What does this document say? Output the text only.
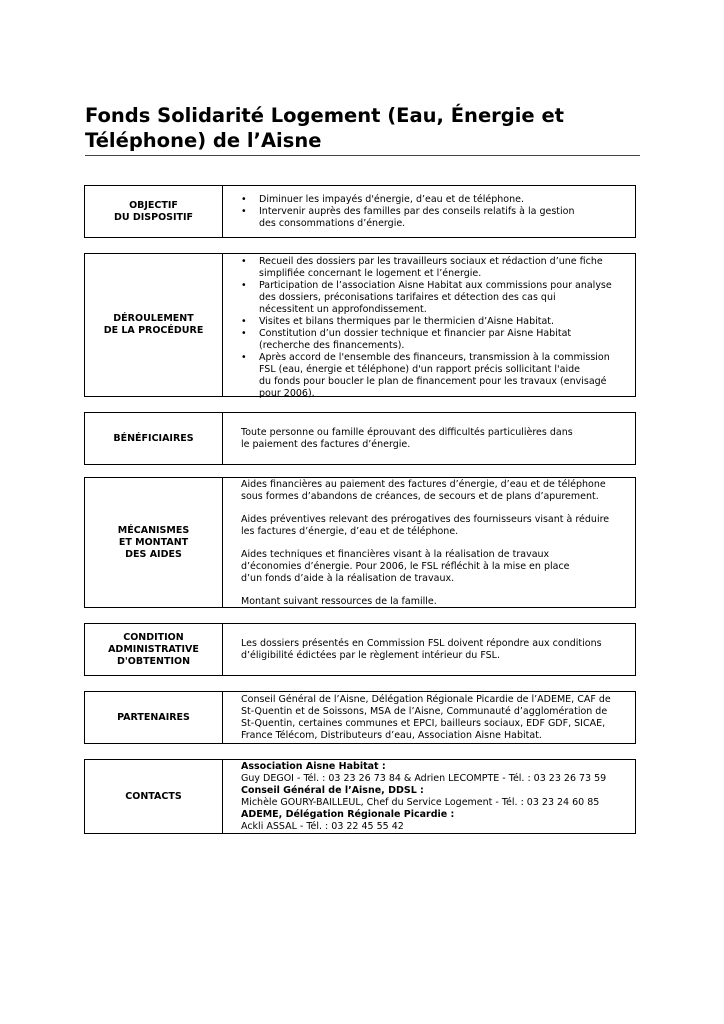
Fonds Solidarité Logement (Eau, Énergie et
Téléphone) de l’Aisne
OBJECTIF
DU DISPOSITIF
• Diminuer les impayés d'énergie, d’eau et de téléphone.
• Intervenir auprès des familles par des conseils relatifs à la gestion
des consommations d’énergie.
DÉROULEMENT
DE LA PROCÉDURE
• Recueil des dossiers par les travailleurs sociaux et rédaction d’une fiche
simplifiée concernant le logement et l’énergie.
• Participation de l’association Aisne Habitat aux commissions pour analyse
des dossiers, préconisations tarifaires et détection des cas qui
nécessitent un approfondissement.
• Visites et bilans thermiques par le thermicien d’Aisne Habitat.
• Constitution d’un dossier technique et financier par Aisne Habitat
(recherche des financements).
• Après accord de l'ensemble des financeurs, transmission à la commission
FSL (eau, énergie et téléphone) d'un rapport précis sollicitant l'aide
du fonds pour boucler le plan de financement pour les travaux (envisagé
pour 2006).
BÉNÉFICIAIRES
Toute personne ou famille éprouvant des difficultés particulières dans
le paiement des factures d’énergie.
MÉCANISMES
ET MONTANT
DES AIDES

Aides financières au paiement des factures d’énergie, d’eau et de téléphone
sous formes d’abandons de créances, de secours et de plans d’apurement.

Aides préventives relevant des prérogatives des fournisseurs visant à réduire
les factures d’énergie, d’eau et de téléphone.

Aides techniques et financières visant à la réalisation de travaux
d’économies d’énergie. Pour 2006, le FSL réfléchit à la mise en place
d’un fonds d’aide à la réalisation de travaux.

Montant suivant ressources de la famille.

CONDITION
ADMINISTRATIVE
D'OBTENTION
Les dossiers présentés en Commission FSL doivent répondre aux conditions
d’éligibilité édictées par le règlement intérieur du FSL.
PARTENAIRES
Conseil Général de l’Aisne, Délégation Régionale Picardie de l’ADEME, CAF de
St-Quentin et de Soissons, MSA de l’Aisne, Communauté d’agglomération de
St-Quentin, certaines communes et EPCI, bailleurs sociaux, EDF GDF, SICAE,
France Télécom, Distributeurs d’eau, Association Aisne Habitat.
CONTACTS
Association Aisne Habitat :
Guy DEGOI - Tél. : 03 23 26 73 84 & Adrien LECOMPTE - Tél. : 03 23 26 73 59
Conseil Général de l’Aisne, DDSL :
Michèle GOURY-BAILLEUL, Chef du Service Logement - Tél. : 03 23 24 60 85
ADEME, Délégation Régionale Picardie :
Ackli ASSAL - Tél. : 03 22 45 55 42
